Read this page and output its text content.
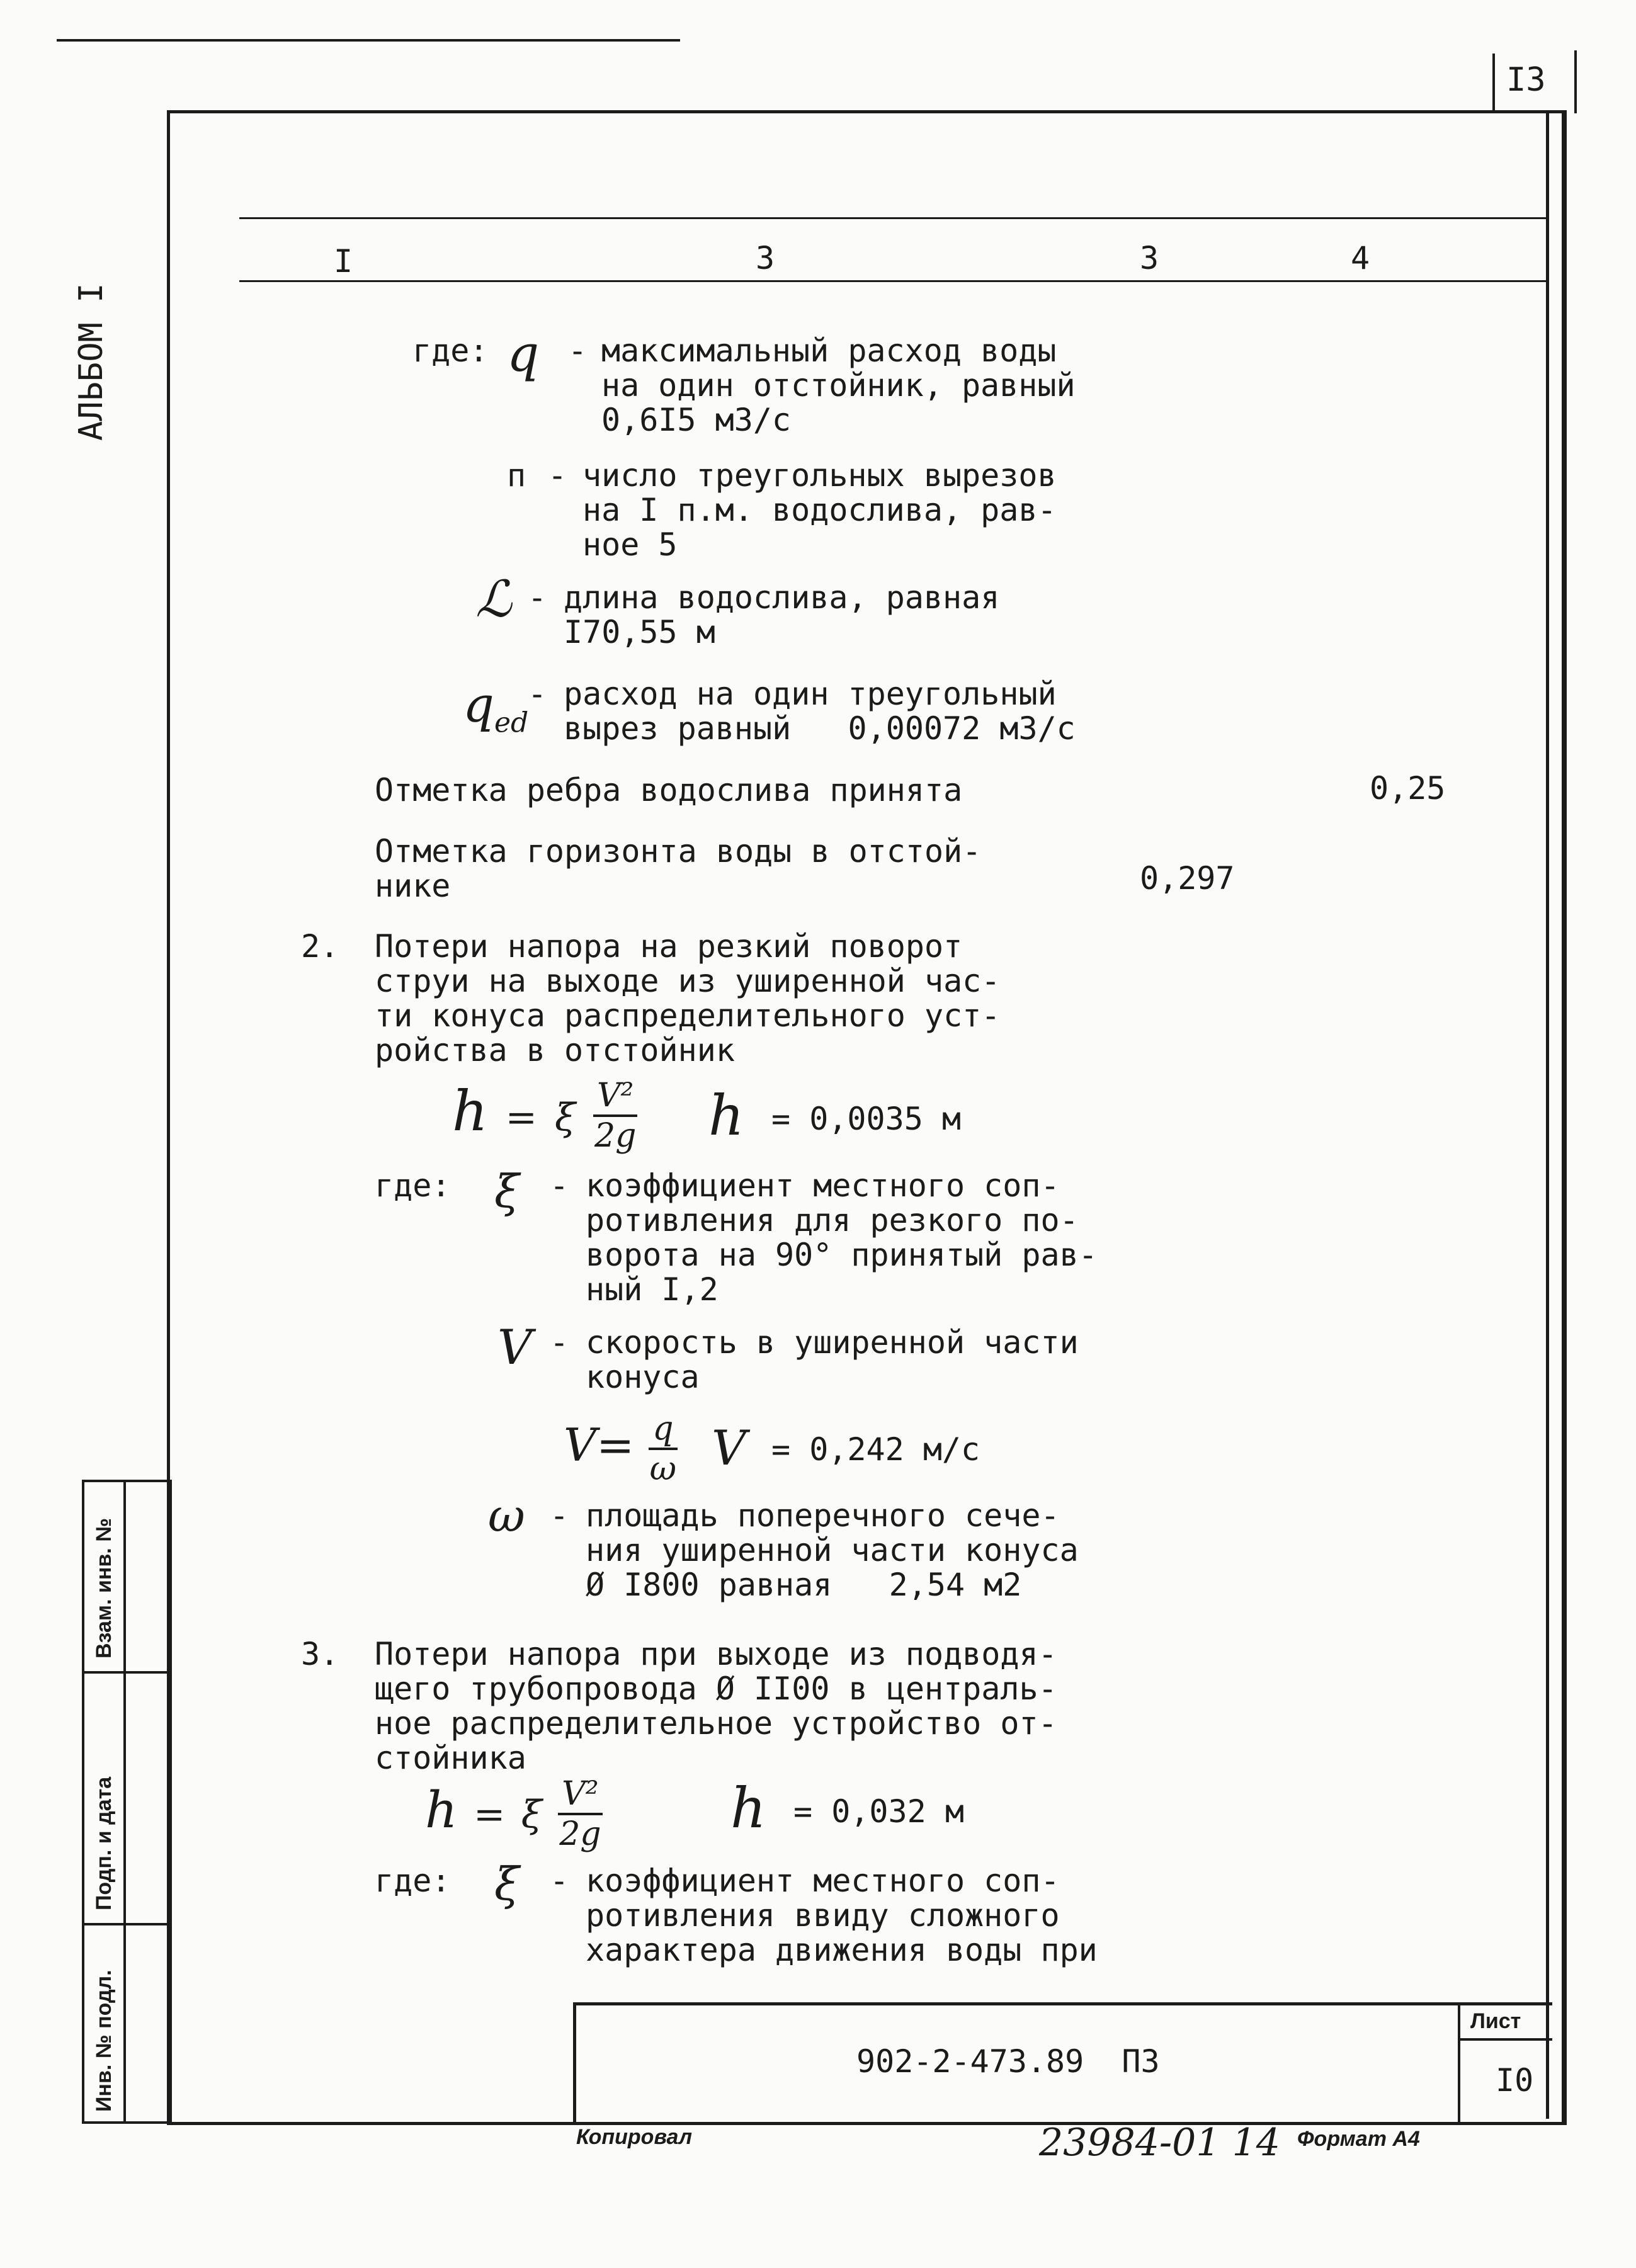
I3
АЛЬБОМ I
Взам. инв. №
Подп. и дата
Инв. № подл.
I	3	3	4
где: q - максимальный расход воды
на один отстойник, равный
0,6I5 м3/с
п - число треугольных вырезов
на I п.м. водослива, рав-
ное 5
ℒ - длина водослива, равная
I70,55 м
$q_{ed}$
- расход на один треугольный
вырез равный   0,00072 м3/с
Отметка ребра водослива принята	0,25
Отметка горизонта воды в отстой-
нике	0,297
2. Потери напора на резкий поворот
струи на выходе из уширенной час-
ти конуса распределительного уст-
ройства в отстойник
h = ξ $\frac{\text{V²}}{2g}$ h = 0,0035 м
где: ξ - коэффициент местного соп-
ротивления для резкого по-
ворота на 90° принятый рав-
ный I,2
V - скорость в уширенной части
конуса
$V= \frac{q}{\omega}$ V = 0,242 м/с
ω - площадь поперечного сече-
ния уширенной части конуса
Ø I800 равная   2,54 м2
3. Потери напора при выходе из подводя-
щего трубопровода Ø II00 в централь-
ное распределительное устройство от-
стойника
h = ξ $\frac{\text{V²}}{2g}$ h = 0,032 м
где: ξ - коэффициент местного соп-
ротивления ввиду сложного
характера движения воды при
902-2-473.89  ПЗ
Лист
I0
Копировал	23984-01 14 Формат А4
